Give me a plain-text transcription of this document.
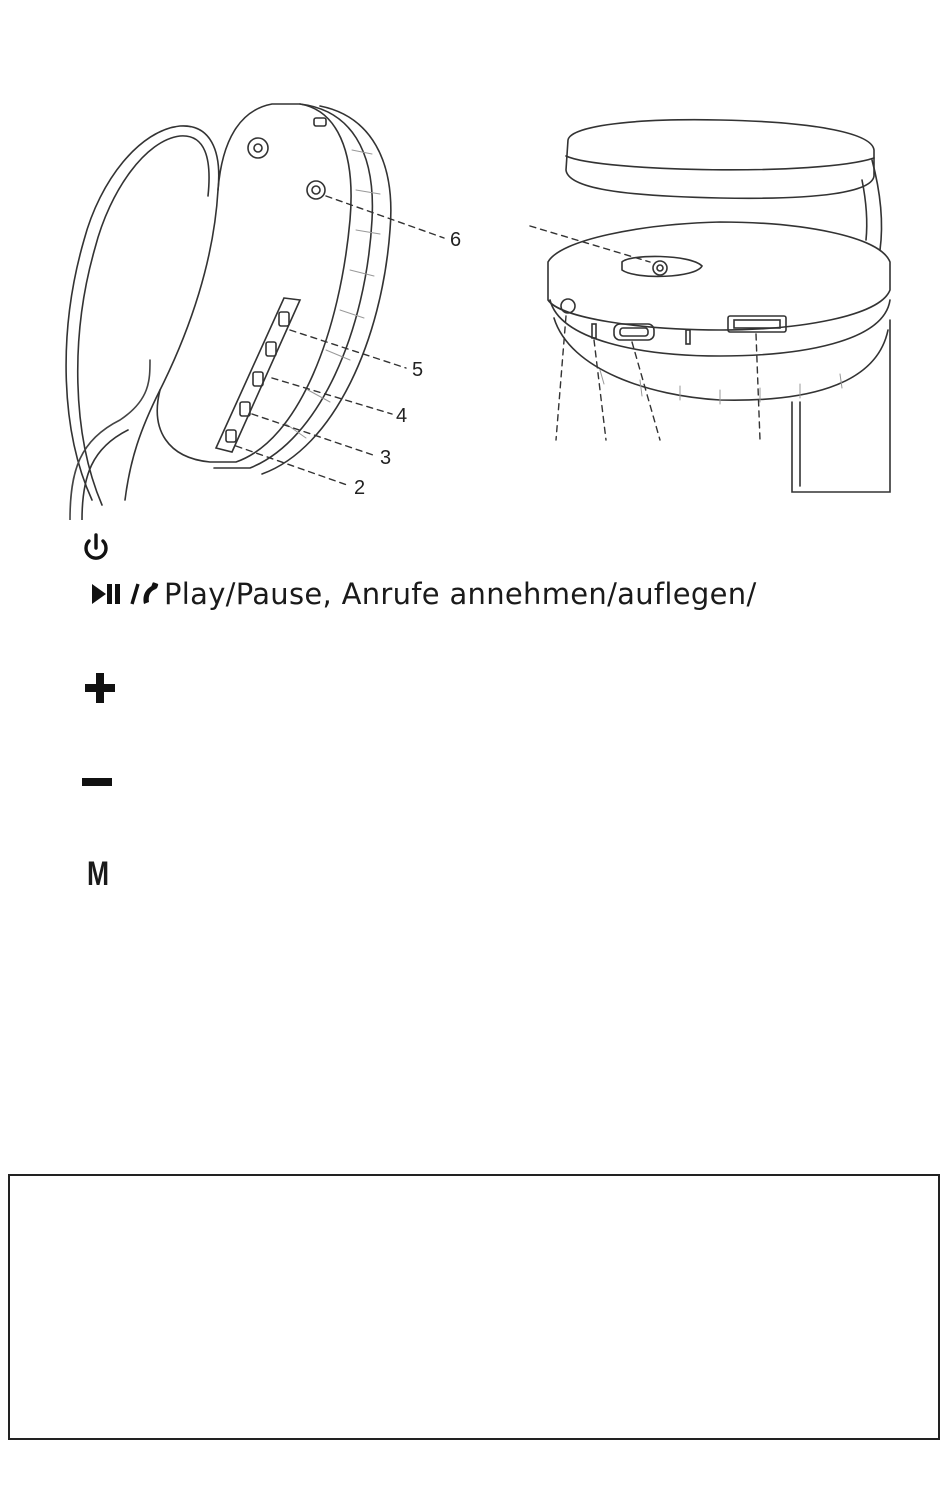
6
5
4
3
2
Play/Pause, Anrufe annehmen/auflegen/
M
